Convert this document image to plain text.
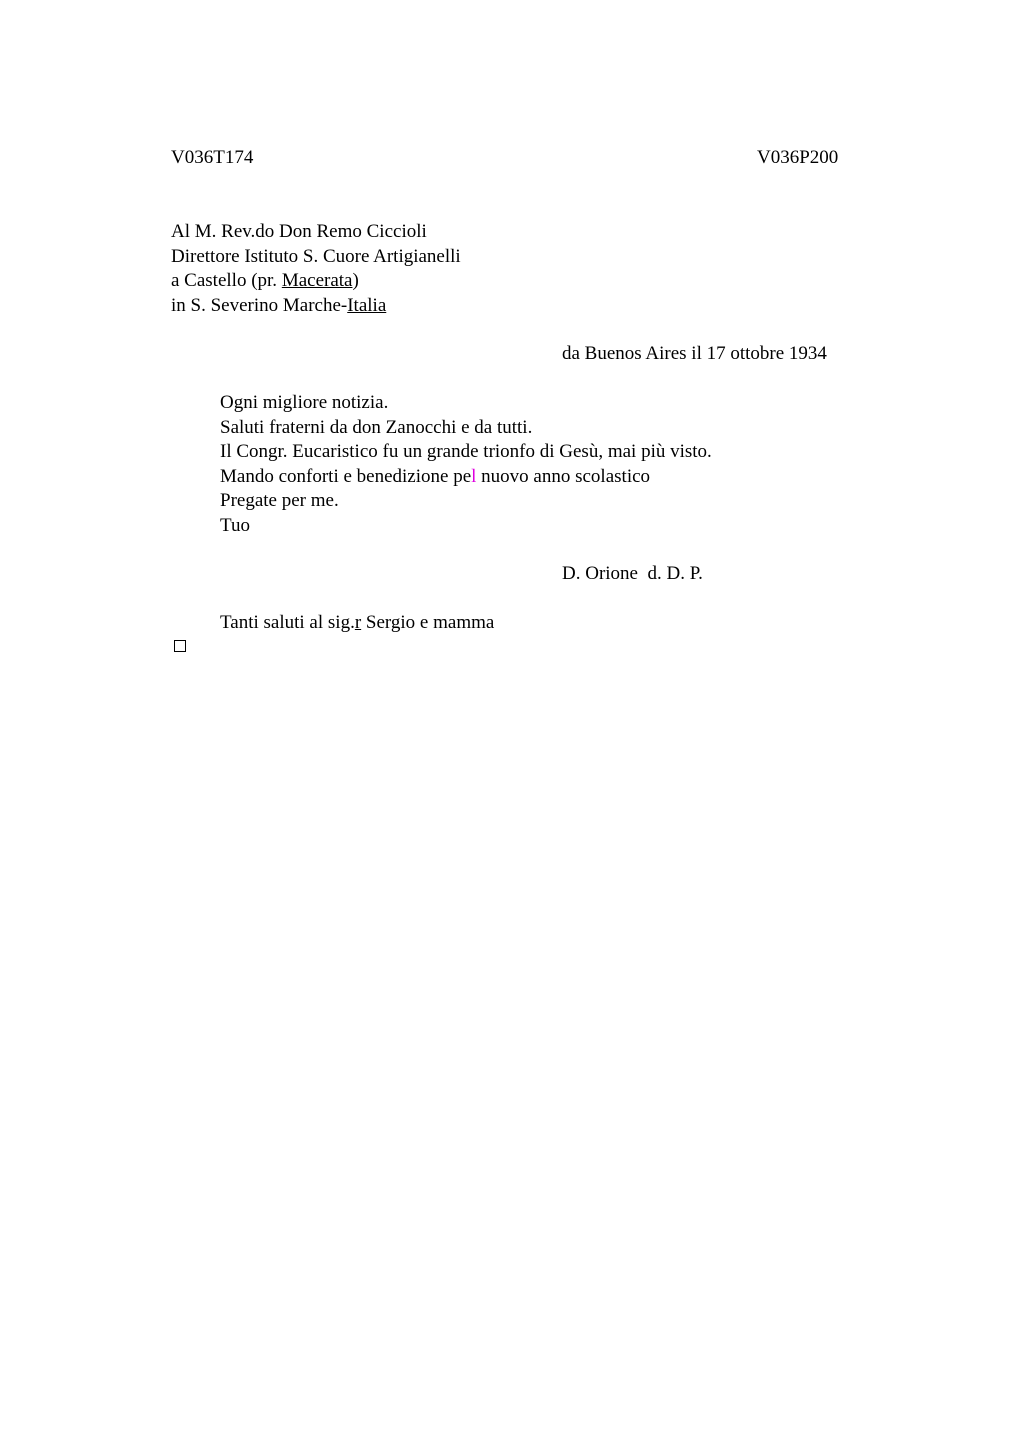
V036T174	V036P200
Al M. Rev.do Don Remo Ciccioli
Direttore Istituto S. Cuore Artigianelli
a Castello (pr. Macerata)
in S. Severino Marche-Italia
da Buenos Aires il 17 ottobre 1934
Ogni migliore notizia.
Saluti fraterni da don Zanocchi e da tutti.
Il Congr. Eucaristico fu un grande trionfo di Gesù, mai più visto.
Mando conforti e benedizione pel nuovo anno scolastico
Pregate per me.
Tuo
D. Orione  d. D. P.
Tanti saluti al sig.r Sergio e mamma
